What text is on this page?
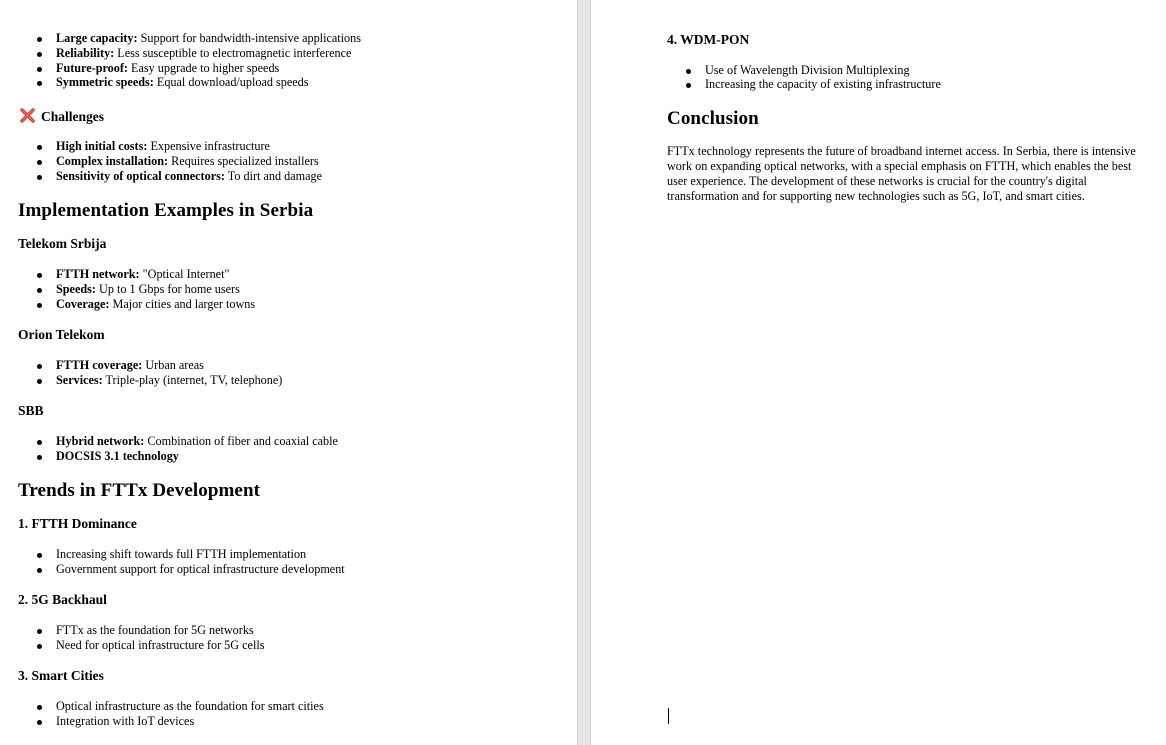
Large capacity: Support for bandwidth-intensive applications
Reliability: Less susceptible to electromagnetic interference
Future-proof: Easy upgrade to higher speeds
Symmetric speeds: Equal download/upload speeds
Challenges
High initial costs: Expensive infrastructure
Complex installation: Requires specialized installers
Sensitivity of optical connectors: To dirt and damage
Implementation Examples in Serbia
Telekom Srbija
FTTH network: "Optical Internet"
Speeds: Up to 1 Gbps for home users
Coverage: Major cities and larger towns
Orion Telekom
FTTH coverage: Urban areas
Services: Triple-play (internet, TV, telephone)
SBB
Hybrid network: Combination of fiber and coaxial cable
DOCSIS 3.1 technology
Trends in FTTx Development
1. FTTH Dominance
Increasing shift towards full FTTH implementation
Government support for optical infrastructure development
2. 5G Backhaul
FTTx as the foundation for 5G networks
Need for optical infrastructure for 5G cells
3. Smart Cities
Optical infrastructure as the foundation for smart cities
Integration with IoT devices
4. WDM-PON
Use of Wavelength Division Multiplexing
Increasing the capacity of existing infrastructure
Conclusion
FTTx technology represents the future of broadband internet access. In Serbia, there is intensive work on expanding optical networks, with a special emphasis on FTTH, which enables the best user experience. The development of these networks is crucial for the country's digital transformation and for supporting new technologies such as 5G, IoT, and smart cities.
